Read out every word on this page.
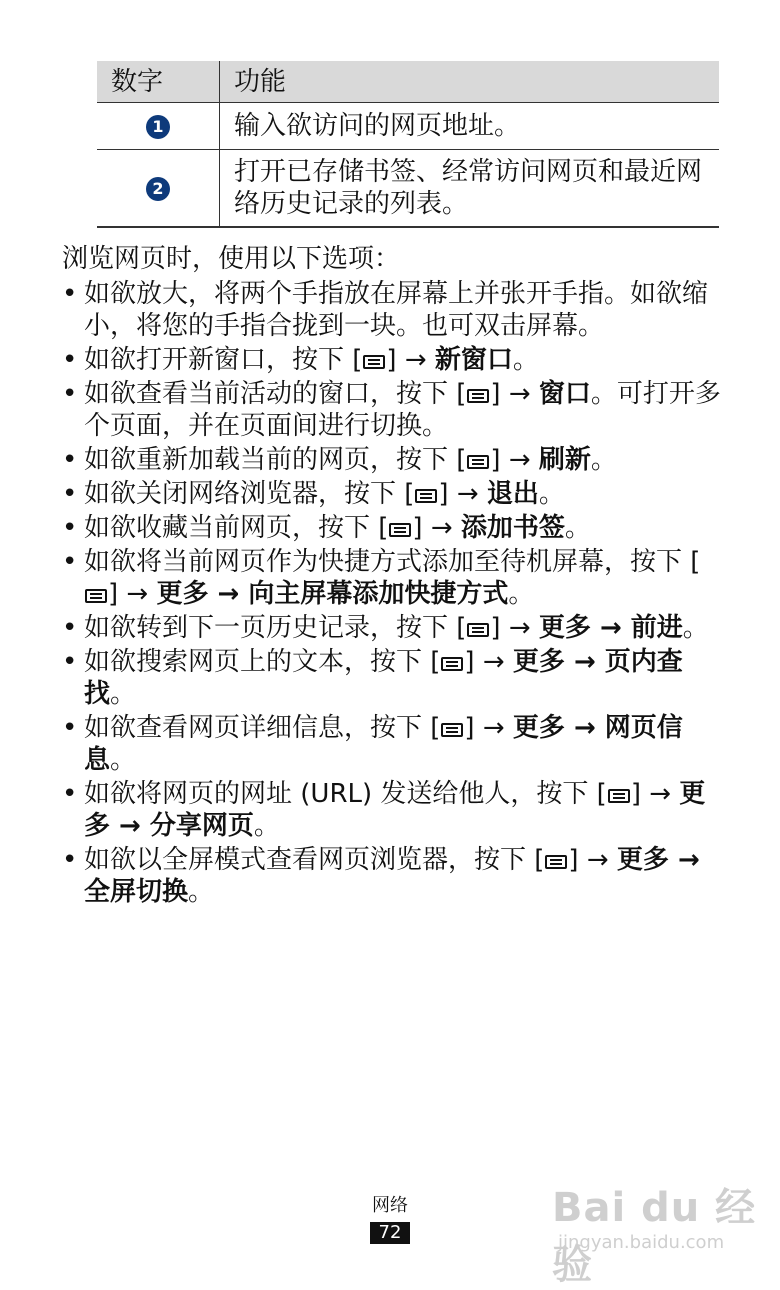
数字	功能
1	输入欲访问的网页地址。
2	打开已存储书签、经常访问网页和最近网络历史记录的列表。
浏览网页时，使用以下选项：
• 如欲放大，将两个手指放在屏幕上并张开手指。如欲缩小，将您的手指合拢到一块。也可双击屏幕。
• 如欲打开新窗口，按下 [ ] → 新窗口。
• 如欲查看当前活动的窗口，按下 [ ] → 窗口。可打开多个页面，并在页面间进行切换。
• 如欲重新加载当前的网页，按下 [ ] → 刷新。
• 如欲关闭网络浏览器，按下 [ ] → 退出。
• 如欲收藏当前网页，按下 [ ] → 添加书签。
• 如欲将当前网页作为快捷方式添加至待机屏幕，按下 [] → 更多 → 向主屏幕添加快捷方式。
• 如欲转到下一页历史记录，按下 [ ] → 更多 → 前进。
• 如欲搜索网页上的文本，按下 [ ] → 更多 → 页内查找。
• 如欲查看网页详细信息，按下 [ ] → 更多 → 网页信息。
• 如欲将网页的网址 (URL) 发送给他人，按下 [ ] → 更多 → 分享网页。
• 如欲以全屏模式查看网页浏览器，按下 [ ] → 更多 → 全屏切换。
网络
72
Bai du 经验
jingyan.baidu.com
